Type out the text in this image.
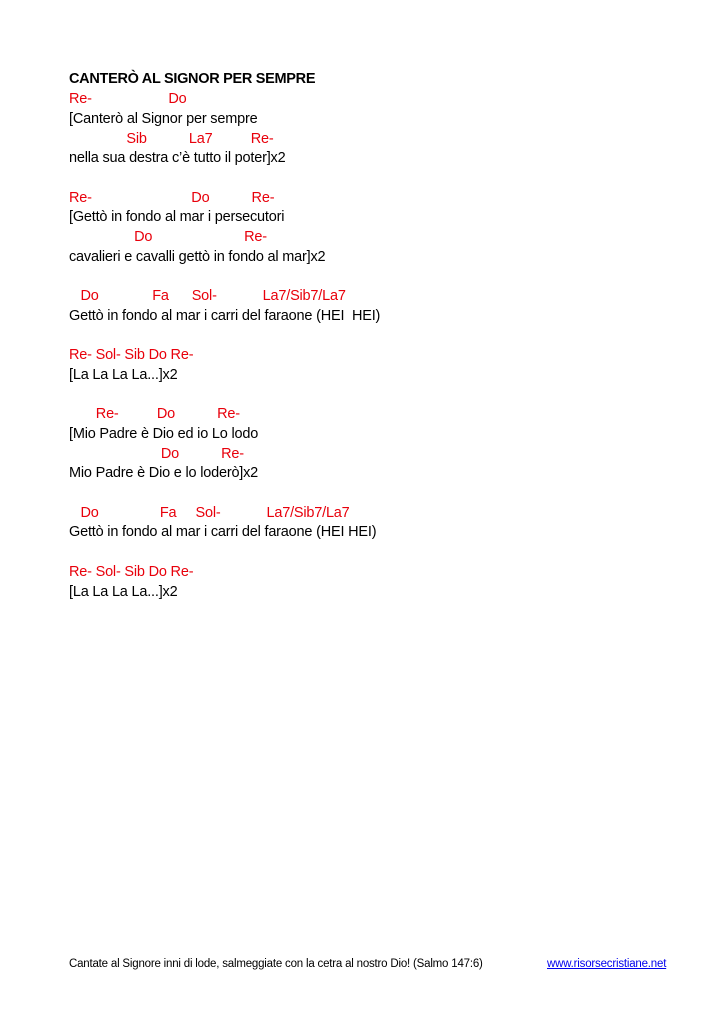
CANTERÒ AL SIGNOR PER SEMPRE
Re-                    Do
[Canterò al Signor per sempre
Sib           La7          Re-
nella sua destra c’è tutto il poter]x2
Re-                          Do           Re-
[Gettò in fondo al mar i persecutori
Do                        Re-
cavalieri e cavalli gettò in fondo al mar]x2
Do              Fa      Sol-            La7/Sib7/La7
Gettò in fondo al mar i carri del faraone (HEI  HEI)
Re- Sol- Sib Do Re-
[La La La La...]x2
Re-          Do           Re-
[Mio Padre è Dio ed io Lo lodo
Do           Re-
Mio Padre è Dio e lo loderò]x2
Do                Fa     Sol-            La7/Sib7/La7
Gettò in fondo al mar i carri del faraone (HEI HEI)
Re- Sol- Sib Do Re-
[La La La La...]x2
Cantate al Signore inni di lode, salmeggiate con la cetra al nostro Dio! (Salmo 147:6)	www.risorsecristiane.net
